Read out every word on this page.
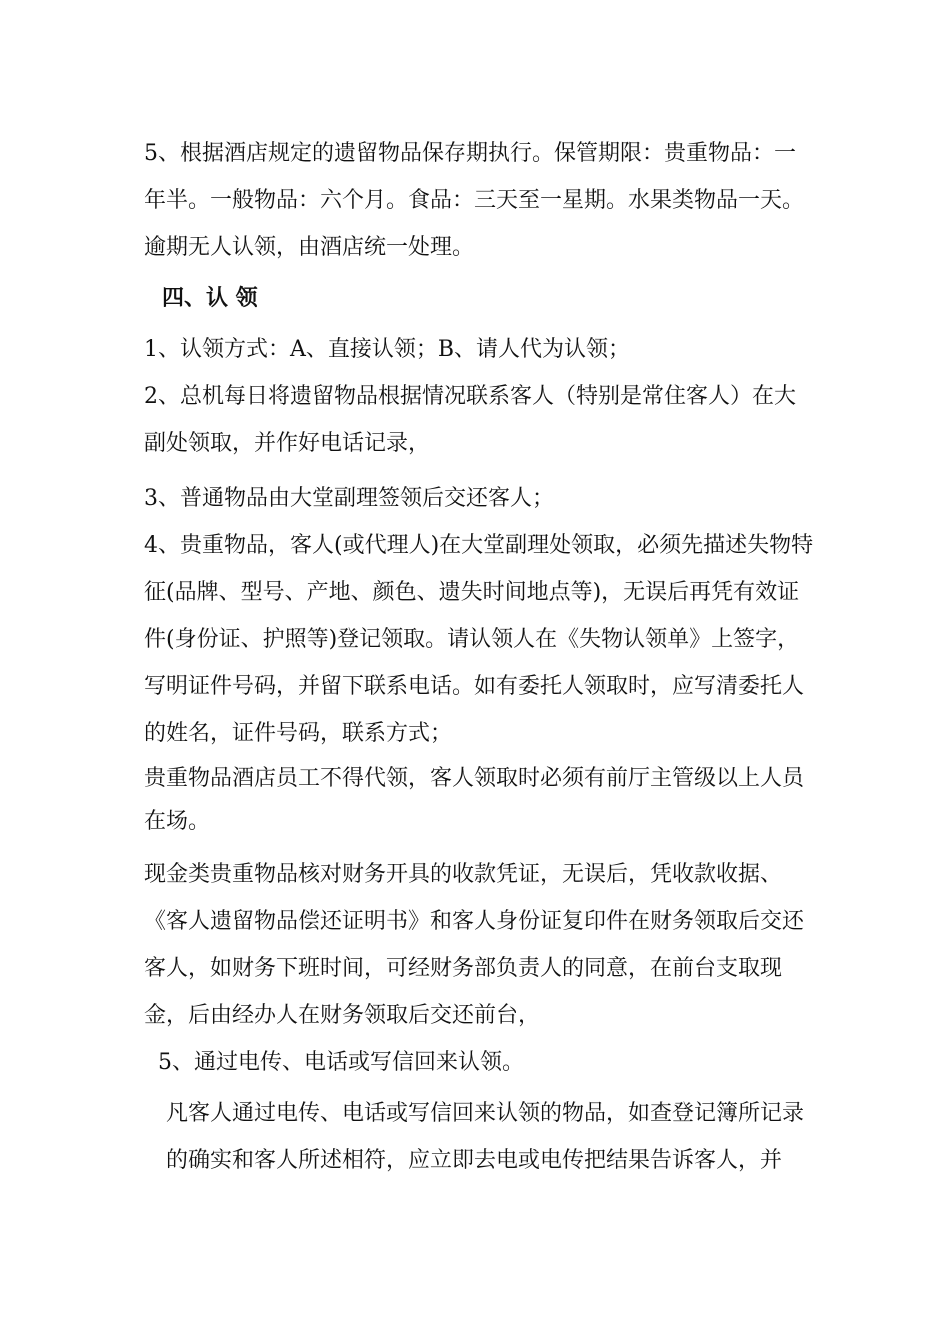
5、根据酒店规定的遗留物品保存期执行。保管期限：贵重物品：一年半。一般物品：六个月。食品：三天至一星期。水果类物品一天。逾期无人认领，由酒店统一处理。

四、认 领

1、认领方式：A、直接认领；B、请人代为认领；

2、总机每日将遗留物品根据情况联系客人（特别是常住客人）在大副处领取，并作好电话记录，

3、普通物品由大堂副理签领后交还客人；

4、贵重物品，客人(或代理人)在大堂副理处领取，必须先描述失物特征(品牌、型号、产地、颜色、遗失时间地点等)，无误后再凭有效证件(身份证、护照等)登记领取。请认领人在《失物认领单》上签字，写明证件号码，并留下联系电话。如有委托人领取时，应写清委托人的姓名，证件号码，联系方式；

贵重物品酒店员工不得代领，客人领取时必须有前厅主管级以上人员在场。

现金类贵重物品核对财务开具的收款凭证，无误后，凭收款收据、《客人遗留物品偿还证明书》和客人身份证复印件在财务领取后交还客人，如财务下班时间，可经财务部负责人的同意，在前台支取现金，后由经办人在财务领取后交还前台，

5、通过电传、电话或写信回来认领。

凡客人通过电传、电话或写信回来认领的物品，如查登记簿所记录的确实和客人所述相符，应立即去电或电传把结果告诉客人，并
